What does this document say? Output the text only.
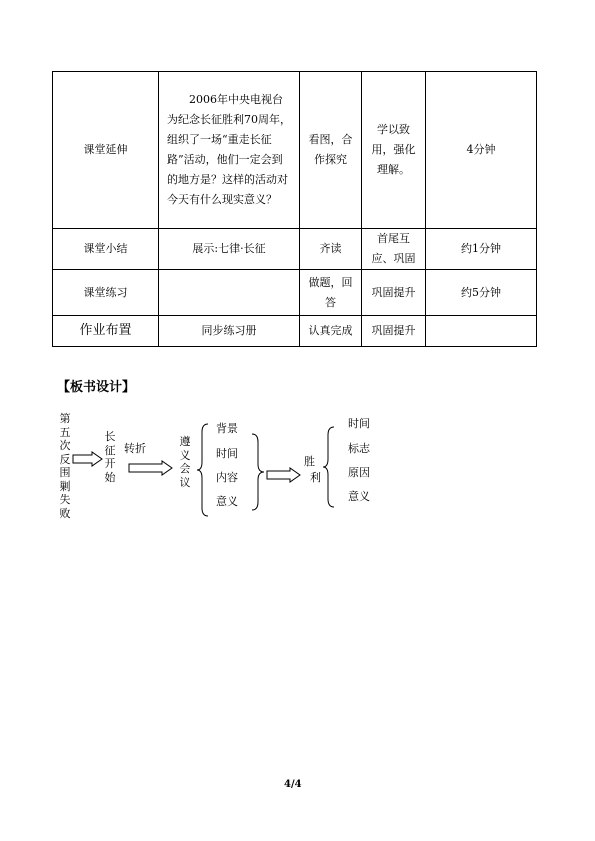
课堂延伸	2006年中央电视台为纪念长征胜利70周年，组织了一场“重走长征路”活动，他们一定会到的地方是？这样的活动对今天有什么现实意义？	看图，合作探究	学以致用，强化理解。	4分钟
课堂小结	展示:七律·长征	齐读	首尾互应、巩固	约1分钟
课堂练习		做题，回答	巩固提升	约5分钟
作业布置	同步练习册	认真完成	巩固提升	
【板书设计】
第五次反围剿失败
长征开始
转折
遵义会议
背景
时间
内容
意义
胜
利
时间
标志
原因
意义
4/4
